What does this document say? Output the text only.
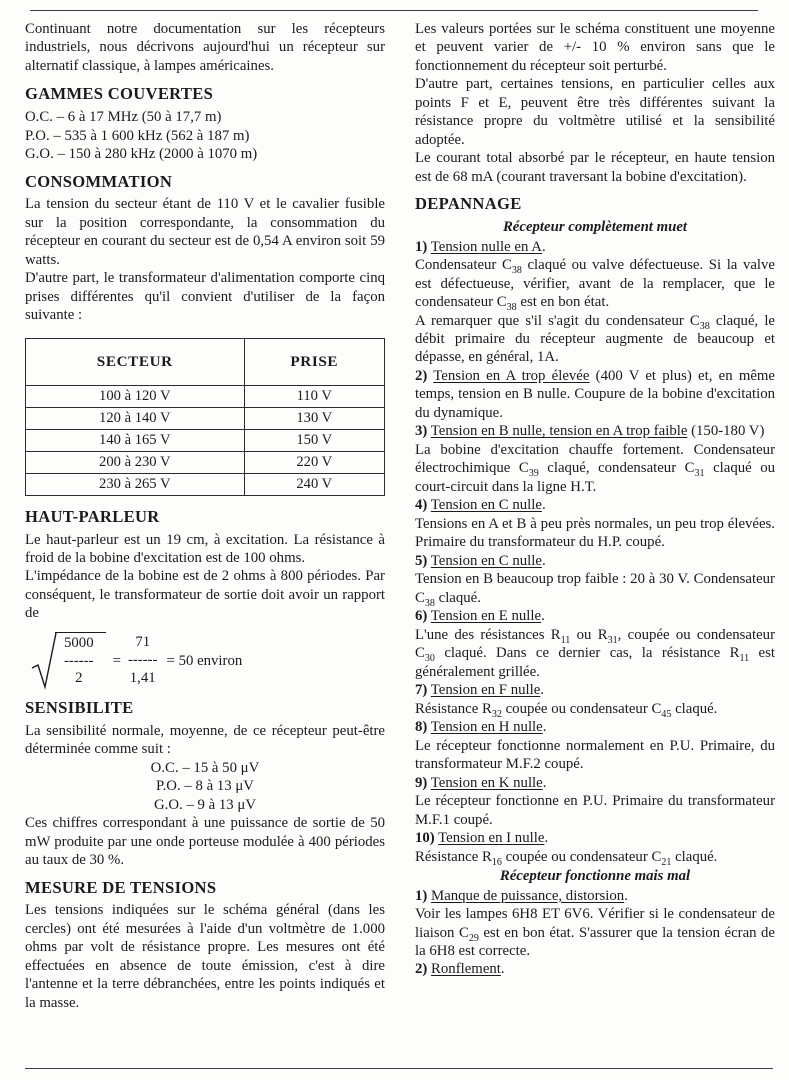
Continuant notre documentation sur les récepteurs industriels, nous décrivons aujourd'hui un récepteur sur alternatif classique, à lampes américaines.

GAMMES COUVERTES
O.C. – 6 à 17 MHz (50 à 17,7 m)
P.O. – 535 à 1 600 kHz (562 à 187 m)
G.O. – 150 à 280 kHz (2000 à 1070 m)
CONSOMMATION

La tension du secteur étant de 110 V et le cavalier fusible sur la position correspondante, la consommation du récepteur en courant du secteur est de 0,54 A environ soit 59 watts.

D'autre part, le transformateur d'alimentation comporte cinq prises différentes qu'il convient d'utiliser de la façon suivante :

SECTEUR	PRISE
100 à 120 V	110 V
120 à 140 V	130 V
140 à 165 V	150 V
200 à 230 V	220 V
230 à 265 V	240 V
HAUT-PARLEUR

Le haut-parleur est un 19 cm, à excitation. La résistance à froid de la bobine d'excitation est de 100 ohms.

L'impédance de la bobine est de 2 ohms à 800 périodes. Par conséquent, le transformateur de sortie doit avoir un rapport de

5000
------
2
=
71
------
1,41
= 50 environ
SENSIBILITE

La sensibilité normale, moyenne, de ce récepteur peut-être déterminée comme suit :

O.C. – 15 à 50 μV
P.O. – 8 à 13 μV
G.O. – 9 à 13 μV

Ces chiffres correspondant à une puissance de sortie de 50 mW produite par une onde porteuse modulée à 400 périodes au taux de 30 %.

MESURE DE TENSIONS

Les tensions indiquées sur le schéma général (dans les cercles) ont été mesurées à l'aide d'un voltmètre de 1.000 ohms par volt de résistance propre. Les mesures ont été effectuées en absence de toute émission, c'est à dire l'antenne et la terre débranchées, entre les points indiqués et la masse.

Les valeurs portées sur le schéma constituent une moyenne et peuvent varier de +/- 10 % environ sans que le fonctionnement du récepteur soit perturbé.

D'autre part, certaines tensions, en particulier celles aux points F et E, peuvent être très différentes suivant la résistance propre du voltmètre utilisé et la sensibilité adoptée.

Le courant total absorbé par le récepteur, en haute tension est de 68 mA (courant traversant la bobine d'excitation).

DEPANNAGE
Récepteur complètement muet

1) Tension nulle en A.

Condensateur $C_{38}$ claqué ou valve défectueuse. Si la valve est défectueuse, vérifier, avant de la remplacer, que le condensateur $C_{38}$ est en bon état.

A remarquer que s'il s'agit du condensateur $C_{38}$ claqué, le débit primaire du récepteur augmente de beaucoup et dépasse, en général, 1A.

2) Tension en A trop élevée (400 V et plus) et, en même temps, tension en B nulle. Coupure de la bobine d'excitation du dynamique.

3) Tension en B nulle, tension en A trop faible (150-180 V)

La bobine d'excitation chauffe fortement. Condensateur électrochimique $C_{39}$ claqué, condensateur $C_{31}$ claqué ou court-circuit dans la ligne H.T.

4) Tension en C nulle.

Tensions en A et B à peu près normales, un peu trop élevées. Primaire du transformateur du H.P. coupé.

5) Tension en C nulle.

Tension en B beaucoup trop faible : 20 à 30 V. Condensateur $C_{38}$ claqué.

6) Tension en E nulle.

L'une des résistances $R_{11}$ ou $R_{31}$, coupée ou condensateur $C_{30}$ claqué. Dans ce dernier cas, la résistance $R_{11}$ est généralement grillée.

7) Tension en F nulle.

Résistance $R_{32}$ coupée ou condensateur $C_{45}$ claqué.

8) Tension en H nulle.

Le récepteur fonctionne normalement en P.U. Primaire, du transformateur M.F.2 coupé.

9) Tension en K nulle.

Le récepteur fonctionne en P.U. Primaire du transformateur M.F.1 coupé.

10) Tension en I nulle.

Résistance $R_{16}$ coupée ou condensateur $C_{21}$ claqué.

Récepteur fonctionne mais mal

1) Manque de puissance, distorsion.

Voir les lampes 6H8 ET 6V6. Vérifier si le condensateur de liaison $C_{29}$ est en bon état. S'assurer que la tension écran de la 6H8 est correcte.

2) Ronflement.
